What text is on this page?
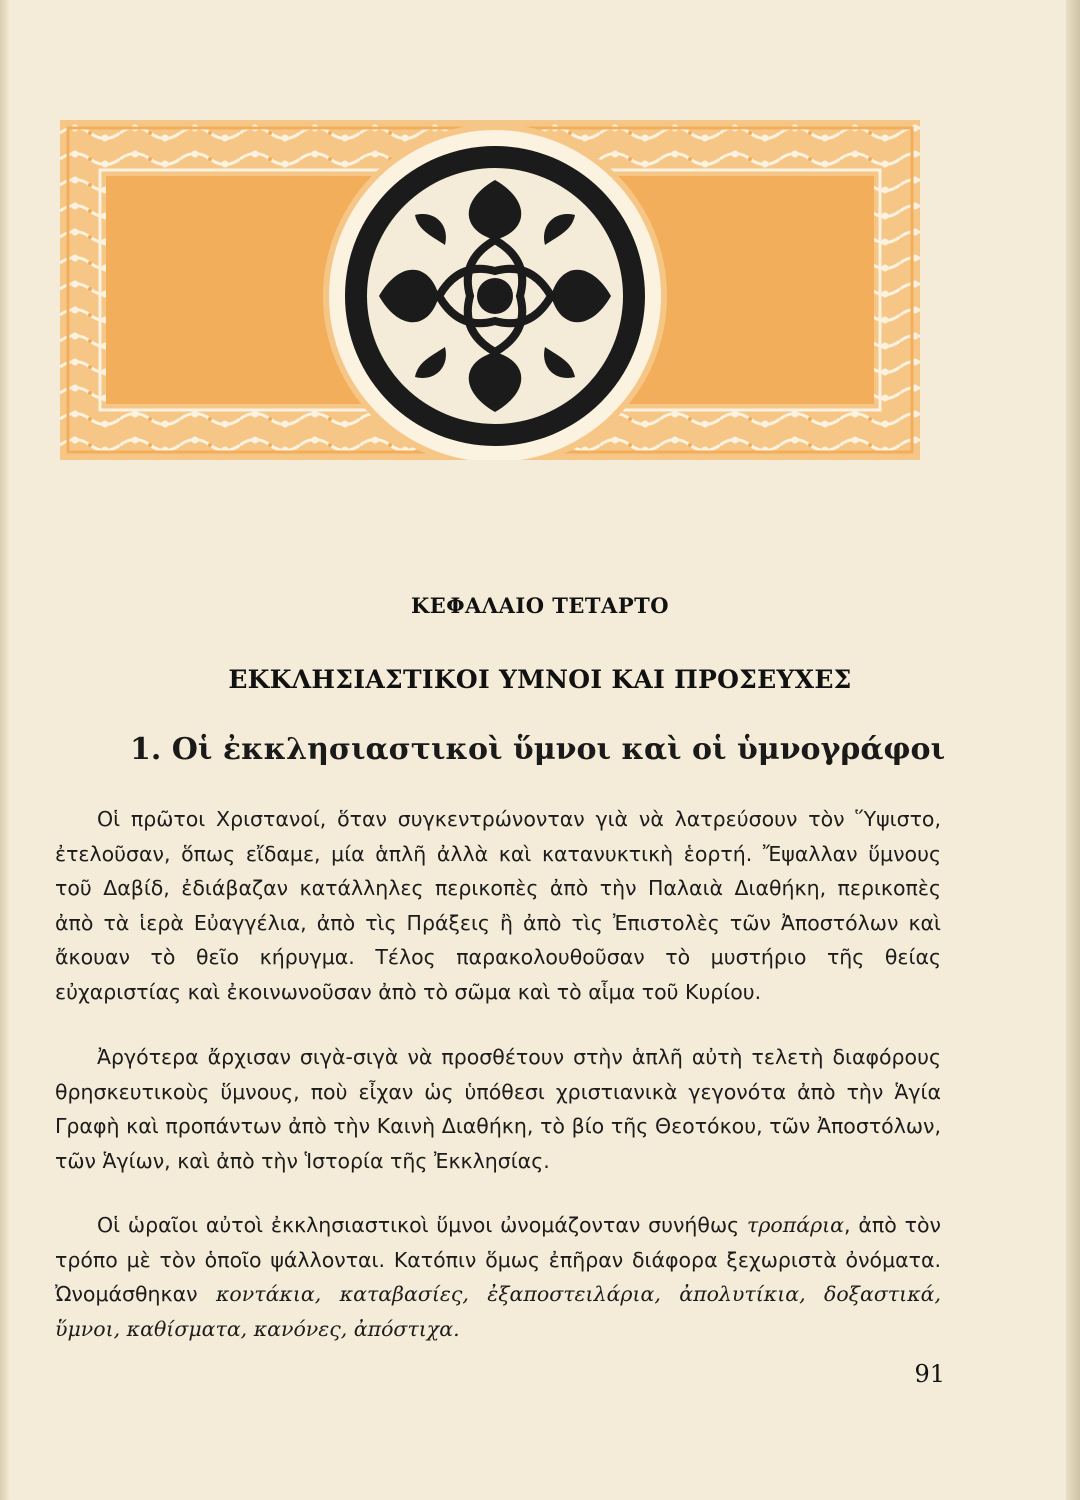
ΚΕΦΑΛΑΙΟ ΤΕΤΑΡΤΟ
ΕΚΚΛΗΣΙΑΣΤΙΚΟΙ ΥΜΝΟΙ ΚΑΙ ΠΡΟΣΕΥΧΕΣ
1. Οἱ ἐκκλησιαστικοὶ ὕμνοι καὶ οἱ ὑμνογράφοι

Οἱ πρῶτοι Χριστανοί, ὅταν συγκεντρώνονταν γιὰ νὰ λατρεύσουν τὸν Ὕψιστο, ἐτελοῦσαν, ὅπως εἴδαμε, μία ἁπλῆ ἀλλὰ καὶ κατανυκτικὴ ἑορτή. Ἔψαλλαν ὕμνους τοῦ Δαβίδ, ἐδιάβαζαν κατάλληλες περικοπὲς ἀπὸ τὴν Παλαιὰ Διαθήκη, περικοπὲς ἀπὸ τὰ ἱερὰ Εὐαγγέλια, ἀπὸ τὶς Πράξεις ἢ ἀπὸ τὶς Ἐπιστολὲς τῶν Ἀποστόλων καὶ ἄκουαν τὸ θεῖο κήρυγμα. Τέλος παρακολουθοῦσαν τὸ μυστήριο τῆς θείας εὐχαριστίας καὶ ἐκοινωνοῦσαν ἀπὸ τὸ σῶμα καὶ τὸ αἷμα τοῦ Κυρίου.

Ἀργότερα ἄρχισαν σιγὰ-σιγὰ νὰ προσθέτουν στὴν ἁπλῆ αὐτὴ τελετὴ διαφόρους θρησκευτικοὺς ὕμνους, ποὺ εἶχαν ὡς ὑπόθεσι χριστιανικὰ γεγονότα ἀπὸ τὴν Ἁγία Γραφὴ καὶ προπάντων ἀπὸ τὴν Καινὴ Διαθήκη, τὸ βίο τῆς Θεοτόκου, τῶν Ἀποστόλων, τῶν Ἁγίων, καὶ ἀπὸ τὴν Ἱστορία τῆς Ἐκκλησίας.

Οἱ ὡραῖοι αὐτοὶ ἐκκλησιαστικοὶ ὕμνοι ὠνομάζονταν συνήθως τροπάρια, ἀπὸ τὸν τρόπο μὲ τὸν ὁποῖο ψάλλονται. Κατόπιν ὅμως ἐπῆραν διάφορα ξεχωριστὰ ὀνόματα. Ὠνομάσθηκαν κοντάκια, καταβασίες, ἐξαποστειλάρια, ἀπολυτίκια, δοξαστικά, ὕμνοι, καθίσματα, κανόνες, ἀπόστιχα.

91
